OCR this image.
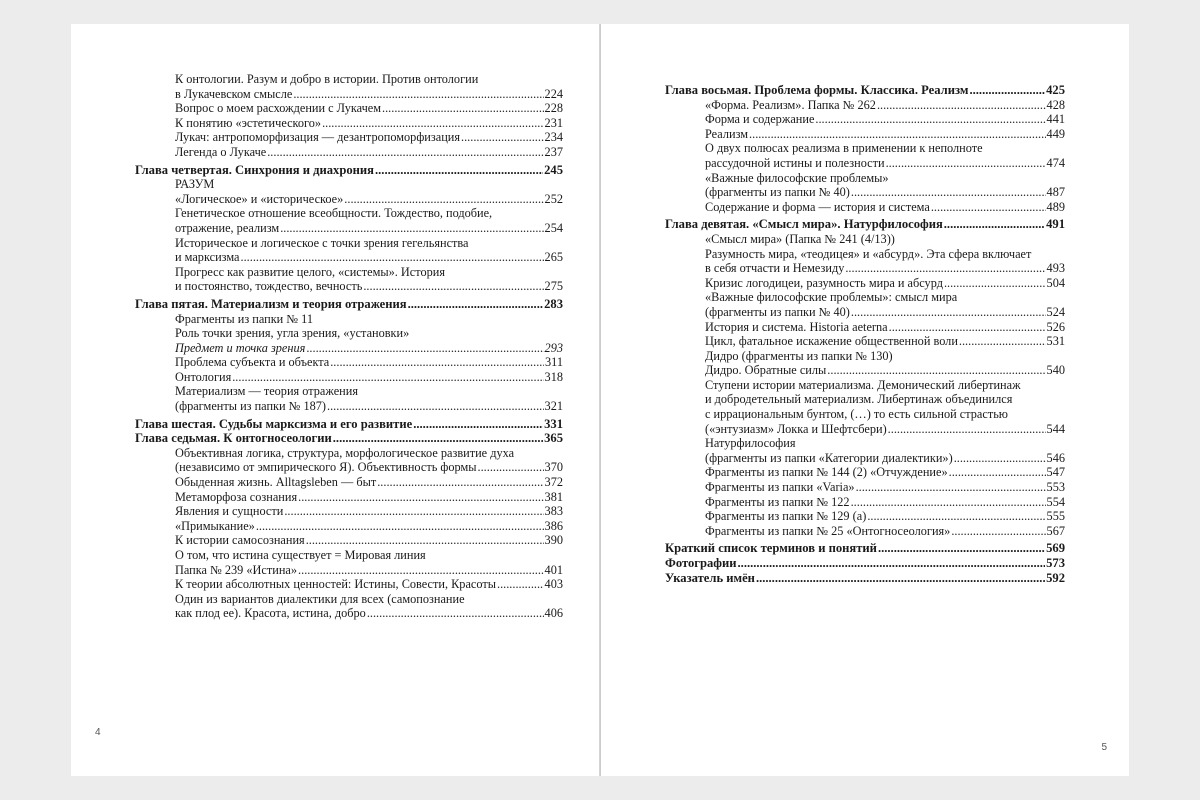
К онтологии. Разум и добро в истории. Против онтологии
в Лукачевском смысле .....	224
Вопрос о моем расхождении с Лукачем .....	228
К понятию «эстетического» .....	231
Лукач: антропоморфизация — дезантропоморфизация .....	234
Легенда о Лукаче .....	237
Глава четвертая. Синхрония и диахрония .....	245
РАЗУМ
«Логическое» и «историческое» .....	252
Генетическое отношение всеобщности. Тождество, подобие,
отражение, реализм .....	254
Историческое и логическое с точки зрения гегельянства
и марксизма .....	265
Прогресс как развитие целого, «системы». История
и постоянство, тождество, вечность .....	275
Глава пятая. Материализм и теория отражения .....	283
Фрагменты из папки № 11
Роль точки зрения, угла зрения, «установки»
Предмет и точка зрения .....	293
Проблема субъекта и объекта .....	311
Онтология .....	318
Материализм — теория отражения
(фрагменты из папки № 187) .....	321
Глава шестая. Судьбы марксизма и его развитие .....	331
Глава седьмая. К онтогносеологии .....	365
Объективная логика, структура, морфологическое развитие духа
(независимо от эмпирического Я). Объективность формы .....	370
Обыденная жизнь. Alltagsleben — быт .....	372
Метаморфоза сознания .....	381
Явления и сущности .....	383
«Примыкание» .....	386
К истории самосознания .....	390
О том, что истина существует = Мировая линия
Папка № 239 «Истина» .....	401
К теории абсолютных ценностей: Истины, Совести, Красоты .....	403
Один из вариантов диалектики для всех (самопознание
как плод ее). Красота, истина, добро .....	406
4
Глава восьмая. Проблема формы. Классика. Реализм .....	425
«Форма. Реализм». Папка № 262 .....	428
Форма и содержание .....	441
Реализм .....	449
О двух полюсах реализма в применении к неполноте
рассудочной истины и полезности .....	474
«Важные философские проблемы»
(фрагменты из папки № 40) .....	487
Содержание и форма — история и система .....	489
Глава девятая. «Смысл мира». Натурфилософия .....	491
«Смысл мира» (Папка № 241 (4/13))
Разумность мира, «теодицея» и «абсурд». Эта сфера включает
в себя отчасти и Немезиду .....	493
Кризис логодицеи, разумность мира и абсурд .....	504
«Важные философские проблемы»: смысл мира
(фрагменты из папки № 40) .....	524
История и система. Historia aeterna .....	526
Цикл, фатальное искажение общественной воли .....	531
Дидро (фрагменты из папки № 130)
Дидро. Обратные силы .....	540
Ступени истории материализма. Демонический либертинаж
и добродетельный материализм. Либертинаж объединился
с иррациональным бунтом, (…) то есть сильной страстью
(«энтузиазм» Локка и Шефтсбери) .....	544
Натурфилософия
(фрагменты из папки «Категории диалектики») .....	546
Фрагменты из папки № 144 (2) «Отчуждение» .....	547
Фрагменты из папки «Varia» .....	553
Фрагменты из папки № 122 .....	554
Фрагменты из папки № 129 (а) .....	555
Фрагменты из папки № 25 «Онтогносеология» .....	567
Краткий список терминов и понятий .....	569
Фотографии .....	573
Указатель имён .....	592
5
